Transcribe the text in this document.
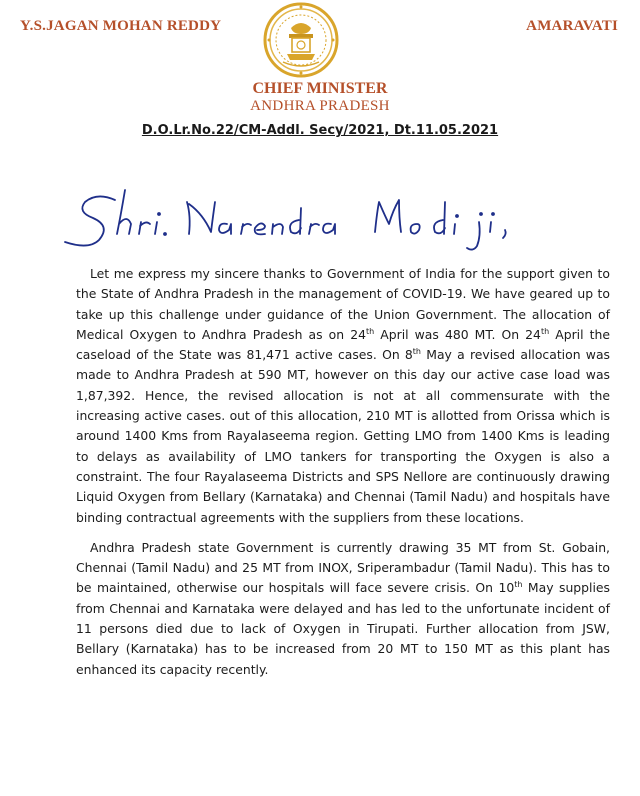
Y.S.JAGAN MOHAN REDDY	AMARAVATI
CHIEF MINISTER
ANDHRA PRADESH
D.O.Lr.No.22/CM-Addl. Secy/2021, Dt.11.05.2021
Shri. Narendra Modi ji,

Let me express my sincere thanks to Government of India for the support given to the State of Andhra Pradesh in the management of COVID-19. We have geared up to take up this challenge under guidance of the Union Government. The allocation of Medical Oxygen to Andhra Pradesh as on 24th April was 480 MT. On 24th April the caseload of the State was 81,471 active cases. On 8th May a revised allocation was made to Andhra Pradesh at 590 MT, however on this day our active case load was 1,87,392. Hence, the revised allocation is not at all commensurate with the increasing active cases. out of this allocation, 210 MT is allotted from Orissa which is around 1400 Kms from Rayalaseema region. Getting LMO from 1400 Kms is leading to delays as availability of LMO tankers for transporting the Oxygen is also a constraint. The four Rayalaseema Districts and SPS Nellore are continuously drawing Liquid Oxygen from Bellary (Karnataka) and Chennai (Tamil Nadu) and hospitals have binding contractual agreements with the suppliers from these locations.

Andhra Pradesh state Government is currently drawing 35 MT from St. Gobain, Chennai (Tamil Nadu) and 25 MT from INOX, Sriperambadur (Tamil Nadu). This has to be maintained, otherwise our hospitals will face severe crisis. On 10th May supplies from Chennai and Karnataka were delayed and has led to the unfortunate incident of 11 persons died due to lack of Oxygen in Tirupati. Further allocation from JSW, Bellary (Karnataka) has to be increased from 20 MT to 150 MT as this plant has enhanced its capacity recently.
